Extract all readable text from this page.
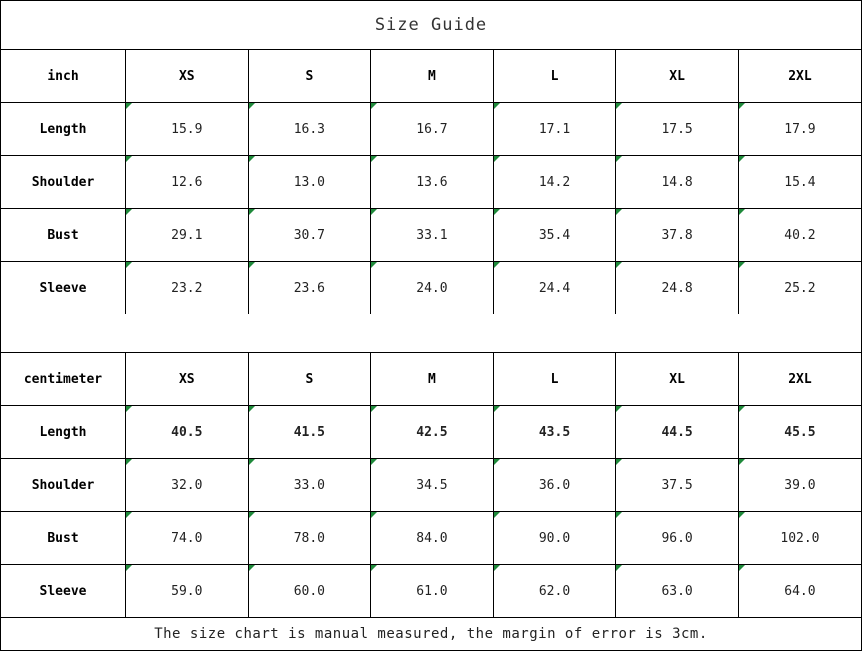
Size Guide
inch	XS	S	M	L	XL	2XL
Length	15.9	16.3	16.7	17.1	17.5	17.9
Shoulder	12.6	13.0	13.6	14.2	14.8	15.4
Bust	29.1	30.7	33.1	35.4	37.8	40.2
Sleeve	23.2	23.6	24.0	24.4	24.8	25.2
centimeter	XS	S	M	L	XL	2XL
Length	40.5	41.5	42.5	43.5	44.5	45.5
Shoulder	32.0	33.0	34.5	36.0	37.5	39.0
Bust	74.0	78.0	84.0	90.0	96.0	102.0
Sleeve	59.0	60.0	61.0	62.0	63.0	64.0
The size chart is manual measured, the margin of error is 3cm.
